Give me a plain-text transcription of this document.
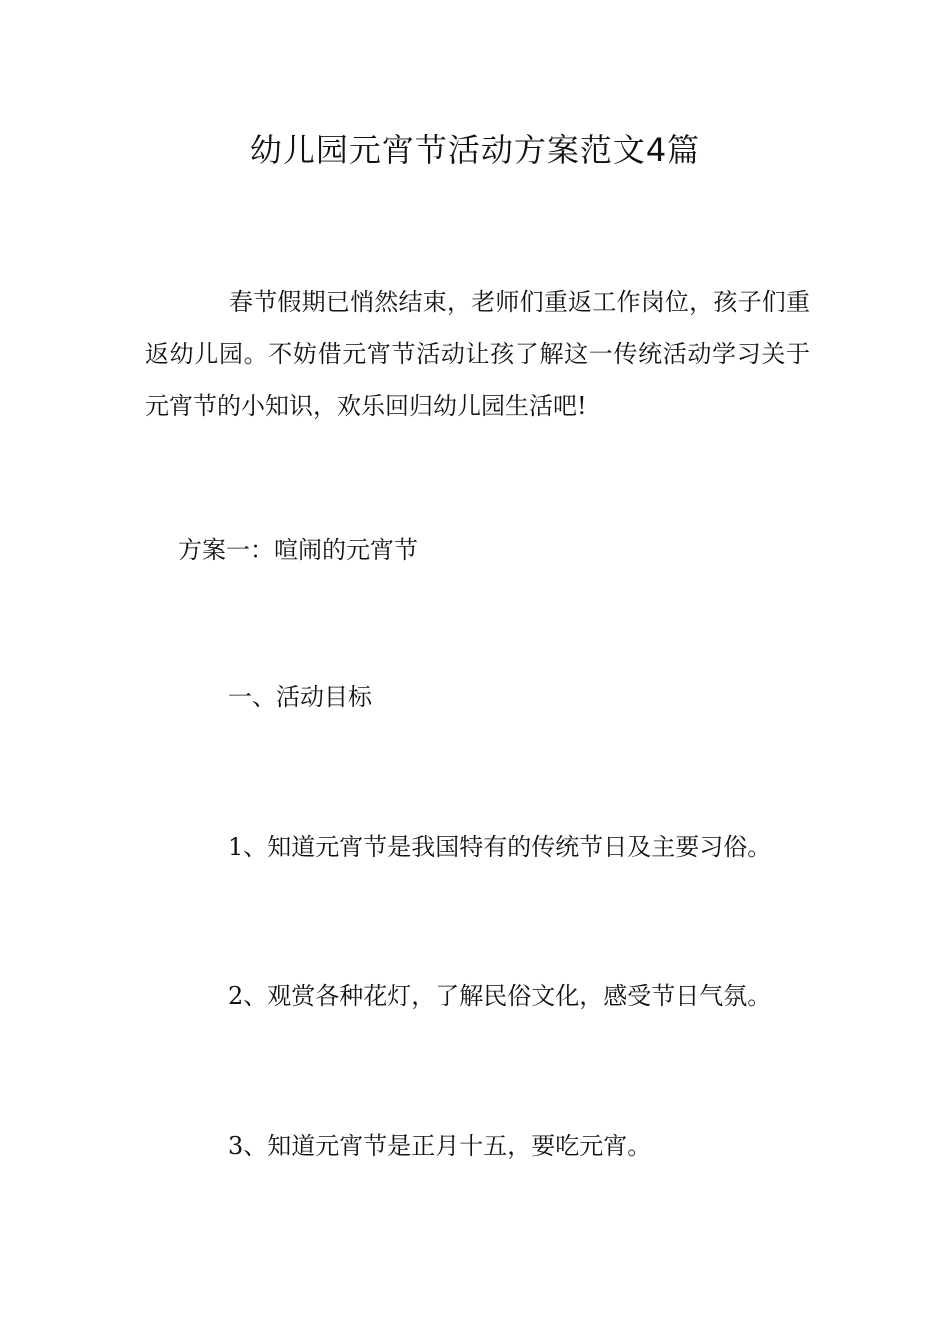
幼儿园元宵节活动方案范文4篇

春节假期已悄然结束，老师们重返工作岗位，孩子们重返幼儿园。不妨借元宵节活动让孩了解这一传统活动学习关于元宵节的小知识，欢乐回归幼儿园生活吧!

方案一：喧闹的元宵节

一、活动目标

1、知道元宵节是我国特有的传统节日及主要习俗。

2、观赏各种花灯，了解民俗文化，感受节日气氛。

3、知道元宵节是正月十五，要吃元宵。
